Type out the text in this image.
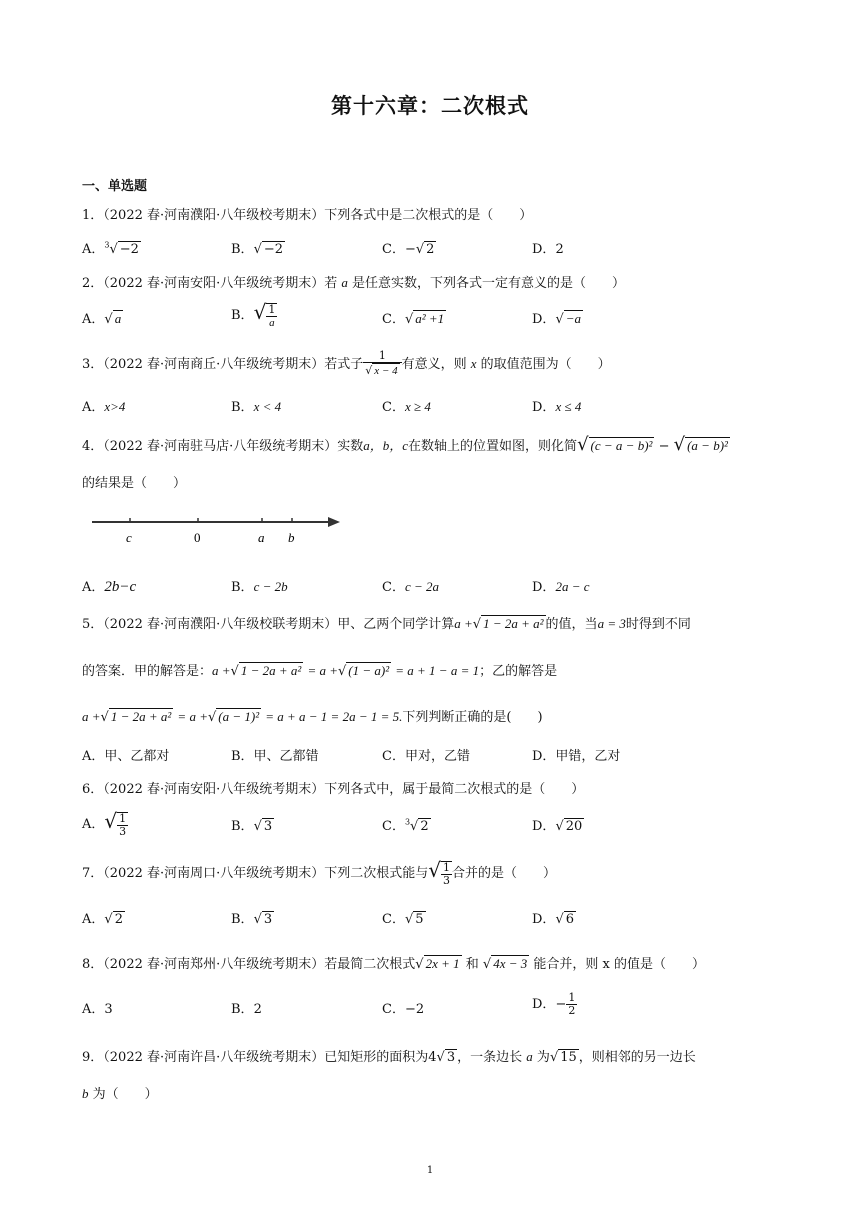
第十六章：二次根式
一、单选题
1．（2022 春·河南濮阳·八年级校考期末）下列各式中是二次根式的是（　　）
A．$^3$√ −2	B．√ −2	C．−√ 2	D．2
2．（2022 春·河南安阳·八年级统考期末）若 a 是任意实数，下列各式一定有意义的是（　　）
A．√ a	B．√ $\frac{1}{a}$	C．√ a² +1	D．√ −a
3．（2022 春·河南商丘·八年级统考期末）若式子 $\frac{1}{√ x - 4}$ 有意义，则 x 的取值范围为（　　）
A．x>4	B．x < 4	C．x ≥ 4	D．x ≤ 4
4．（2022 春·河南驻马店·八年级统考期末）实数a，b，c在数轴上的位置如图，则化简√ (c − a − b)² − √ (a − b)²
的结果是（　　）
c	0	a b
A．2b−c	B．c − 2b	C．c − 2a	D．2a − c
5．（2022 春·河南濮阳·八年级校联考期末）甲、乙两个同学计算a +√ 1 − 2a + a² 的值，当a = 3时得到不同
的答案．甲的解答是：a +√ 1 − 2a + a² = a +√ (1 − a)² = a + 1 − a = 1；乙的解答是
a +√ 1 − 2a + a² = a +√ (a − 1)² = a + a − 1 = 2a − 1 = 5.下列判断正确的是(　　)
A．甲、乙都对	B．甲、乙都错	C．甲对，乙错	D．甲错，乙对
6．（2022 春·河南安阳·八年级统考期末）下列各式中，属于最简二次根式的是（　　）
A．√ $\frac{1}{3}$	B．√ 3	C．$^3$√ 2	D．√ 20
7．（2022 春·河南周口·八年级统考期末）下列二次根式能与√ $\frac{1}{3}$ 合并的是（　　）
A．√ 2	B．√ 3	C．√ 5	D．√ 6
8．（2022 春·河南郑州·八年级统考期末）若最简二次根式√ 2x + 1 和 √ 4x − 3 能合并，则 x 的值是（　　）
A．3	B．2	C．−2	D．− $\frac{1}{2}$
9．（2022 春·河南许昌·八年级统考期末）已知矩形的面积为4√ 3 ，一条边长 a 为√ 15 ，则相邻的另一边长
b 为（　　）
1
